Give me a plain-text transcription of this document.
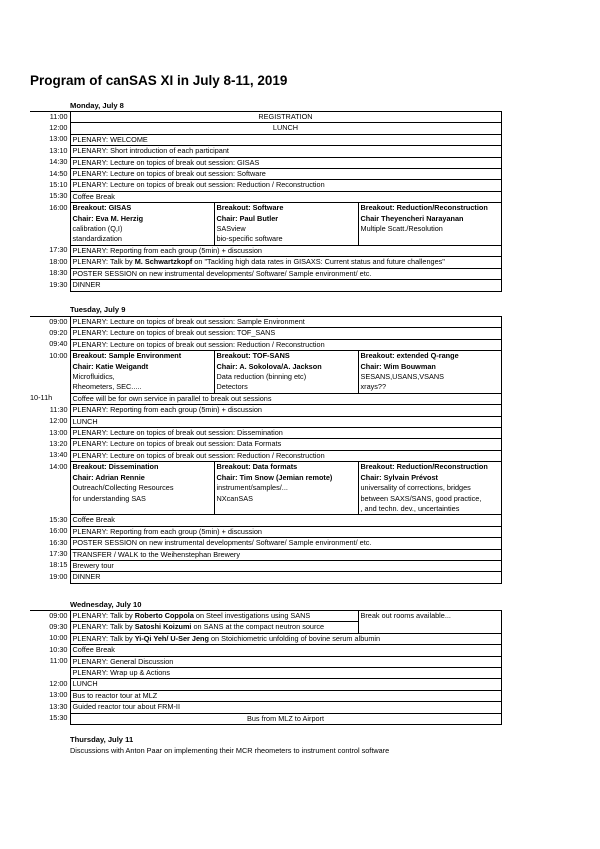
Program of canSAS XI in July 8-11, 2019
Monday, July 8
11:00	REGISTRATION		
12:00	LUNCH		
13:00	PLENARY: WELCOME		
13:10	PLENARY: Short introduction of each participant		
14:30	PLENARY: Lecture on topics of break out session: GISAS		
14:50	PLENARY: Lecture on topics of break out session: Software		
15:10	PLENARY: Lecture on topics of break out session: Reduction / Reconstruction		
15:30	Coffee Break		
16:00	Breakout: GISAS	Breakout: Software	Breakout: Reduction/Reconstruction
	Chair: Eva M. Herzig	Chair: Paul Butler	Chair Theyencheri Narayanan
	calibration (Q,I)	SASview	Multiple Scatt./Resolution
	standardization	bio-specific software	
17:30	PLENARY: Reporting from each group (5min) + discussion		
18:00	PLENARY: Talk by M. Schwartzkopf on "Tackling high data rates in GISAXS: Current status and future challenges"		
18:30	POSTER SESSION on new instrumental developments/ Software/ Sample environment/ etc.		
19:30	DINNER		
Tuesday, July 9
09:00	PLENARY: Lecture on topics of break out session: Sample Environment		
09:20	PLENARY: Lecture on topics of break out session: TOF_SANS		
09:40	PLENARY: Lecture on topics of break out session: Reduction / Reconstruction		
10:00	Breakout: Sample Environment	Breakout: TOF-SANS	Breakout: extended Q-range
	Chair: Katie Weigandt	Chair: A. Sokolova/A. Jackson	Chair: Wim Bouwman
	Microfluidics,	Data reduction (binning etc)	SESANS,USANS,VSANS
	Rheometers, SEC.....	Detectors	xrays??
10-11h	Coffee will be for own service in parallel to break out sessions		
11:30	PLENARY: Reporting from each group (5min) + discussion		
12:00	LUNCH		
13:00	PLENARY: Lecture on topics of break out session: Dissemination		
13:20	PLENARY: Lecture on topics of break out session: Data Formats		
13:40	PLENARY: Lecture on topics of break out session: Reduction / Reconstruction		
14:00	Breakout: Dissemination	Breakout: Data formats	Breakout: Reduction/Reconstruction
	Chair: Adrian Rennie	Chair: Tim Snow (Jemian remote)	Chair: Sylvain Prévost
	Outreach/Collecting Resources	instrument/samples/...	universality of corrections, bridges
	for understanding SAS	NXcanSAS	between SAXS/SANS, good practice,
			, and techn. dev., uncertainties
15:30	Coffee Break		
16:00	PLENARY: Reporting from each group (5min) + discussion		
16:30	POSTER SESSION on new instrumental developments/ Software/ Sample environment/ etc.		
17:30	TRANSFER / WALK to the Weihenstephan Brewery		
18:15	Brewery tour		
19:00	DINNER		
Wednesday, July 10
09:00	PLENARY: Talk by Roberto Coppola on Steel investigations using SANS	Break out rooms available...
09:30	PLENARY: Talk by Satoshi Koizumi on SANS at the compact neutron source	
10:00	PLENARY: Talk by Yi-Qi Yeh/ U-Ser Jeng on Stoichiometric unfolding of bovine serum albumin	
10:30	Coffee Break	
11:00	PLENARY: General Discussion	
	PLENARY: Wrap up & Actions	
12:00	LUNCH	
13:00	Bus to reactor tour at MLZ	
13:30	Guided reactor tour about FRM-II	
15:30	Bus from MLZ to Airport	
Thursday, July 11
Discussions with Anton Paar on implementing their MCR rheometers to instrument control software
